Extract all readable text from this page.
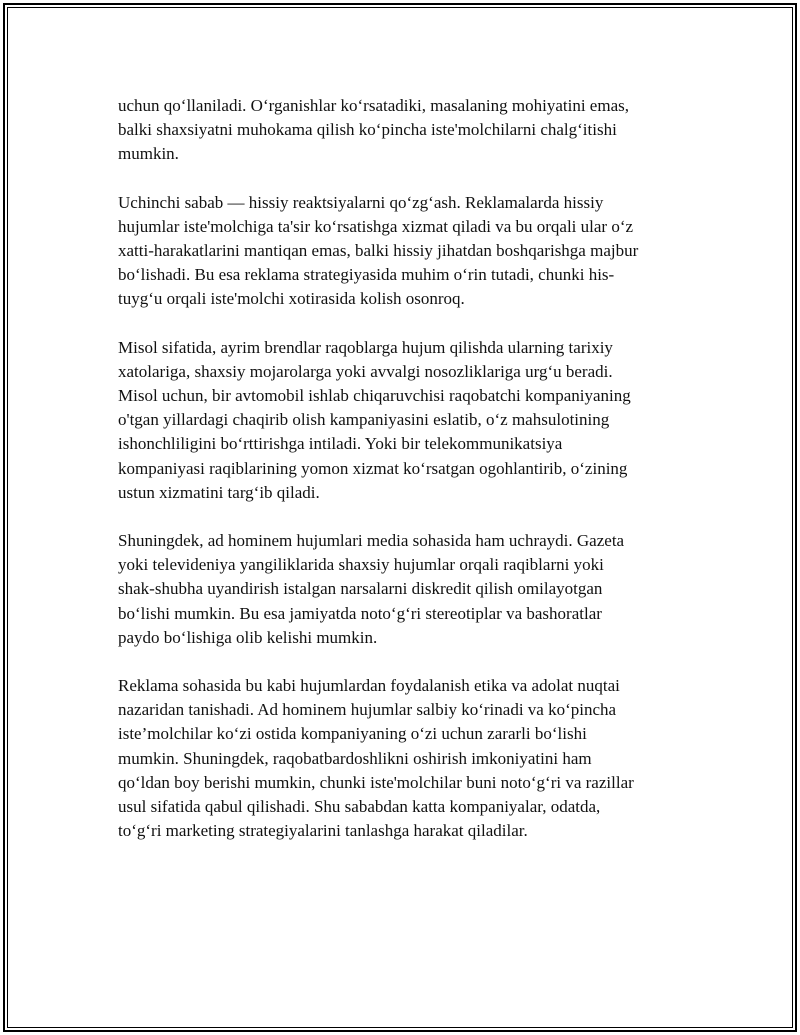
uchun qo‘llaniladi. O‘rganishlar ko‘rsatadiki, masalaning mohiyatini emas,
balki shaxsiyatni muhokama qilish ko‘pincha iste'molchilarni chalg‘itishi
mumkin.

Uchinchi sabab — hissiy reaktsiyalarni qo‘zg‘ash. Reklamalarda hissiy
hujumlar iste'molchiga ta'sir ko‘rsatishga xizmat qiladi va bu orqali ular o‘z
xatti-harakatlarini mantiqan emas, balki hissiy jihatdan boshqarishga majbur
bo‘lishadi. Bu esa reklama strategiyasida muhim o‘rin tutadi, chunki his-
tuyg‘u orqali iste'molchi xotirasida kolish osonroq.

Misol sifatida, ayrim brendlar raqoblarga hujum qilishda ularning tarixiy
xatolariga, shaxsiy mojarolarga yoki avvalgi nosozliklariga urg‘u beradi.
Misol uchun, bir avtomobil ishlab chiqaruvchisi raqobatchi kompaniyaning
o'tgan yillardagi chaqirib olish kampaniyasini eslatib, o‘z mahsulotining
ishonchliligini bo‘rttirishga intiladi. Yoki bir telekommunikatsiya
kompaniyasi raqiblarining yomon xizmat ko‘rsatgan ogohlantirib, o‘zining
ustun xizmatini targ‘ib qiladi.

Shuningdek, ad hominem hujumlari media sohasida ham uchraydi. Gazeta
yoki televideniya yangiliklarida shaxsiy hujumlar orqali raqiblarni yoki
shak-shubha uyandirish istalgan narsalarni diskredit qilish omilayotgan
bo‘lishi mumkin. Bu esa jamiyatda noto‘g‘ri stereotiplar va bashoratlar
paydo bo‘lishiga olib kelishi mumkin.

Reklama sohasida bu kabi hujumlardan foydalanish etika va adolat nuqtai
nazaridan tanishadi. Ad hominem hujumlar salbiy ko‘rinadi va ko‘pincha
iste’molchilar ko‘zi ostida kompaniyaning o‘zi uchun zararli bo‘lishi
mumkin. Shuningdek, raqobatbardoshlikni oshirish imkoniyatini ham
qo‘ldan boy berishi mumkin, chunki iste'molchilar buni noto‘g‘ri va razillar
usul sifatida qabul qilishadi. Shu sababdan katta kompaniyalar, odatda,
to‘g‘ri marketing strategiyalarini tanlashga harakat qiladilar.
